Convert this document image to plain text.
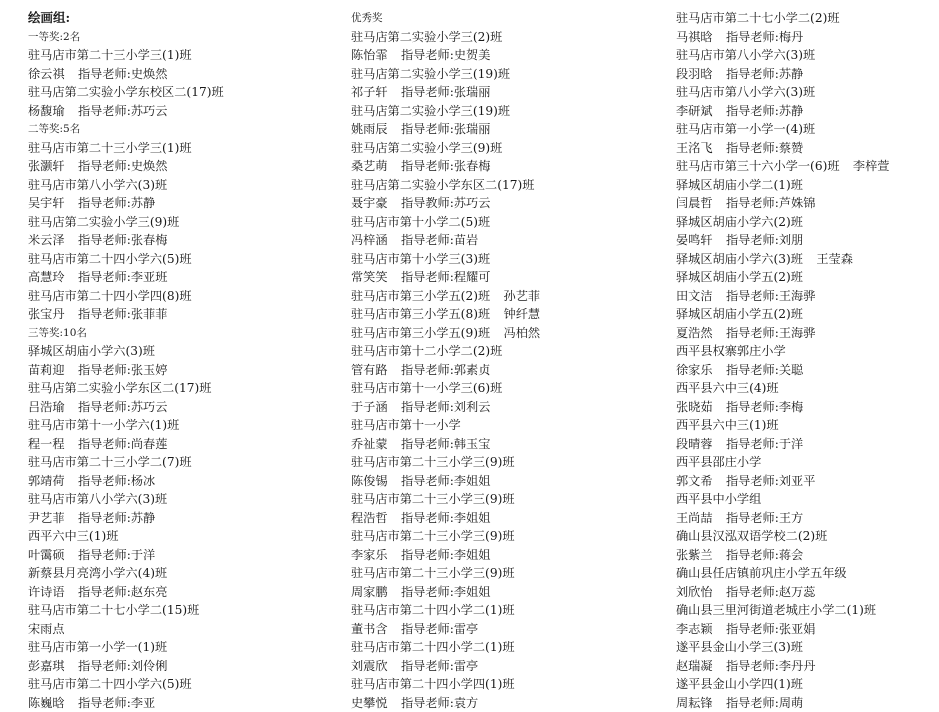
绘画组:
一等奖:2名
驻马店市第二十三小学三(1)班
徐云祺 指导老师:史焕然
驻马店第二实验小学东校区二(17)班
杨馥瑜 指导老师:苏巧云
二等奖:5名
驻马店市第二十三小学三(1)班
张灏轩 指导老师:史焕然
驻马店市第八小学六(3)班
吴宇轩 指导老师:苏静
驻马店第二实验小学三(9)班
米云泽 指导老师:张春梅
驻马店市第二十四小学六(5)班
高慧玲 指导老师:李亚班
驻马店市第二十四小学四(8)班
张宝丹 指导老师:张菲菲
三等奖:10名
驿城区胡庙小学六(3)班
苗莉迎 指导老师:张玉婷
驻马店第二实验小学东区二(17)班
吕浩瑜 指导老师:苏巧云
驻马店市第十一小学六(1)班
程一程 指导老师:尚春莲
驻马店市第二十三小学二(7)班
郭靖荷 指导老师:杨冰
驻马店市第八小学六(3)班
尹艺菲 指导老师:苏静
西平六中三(1)班
叶霭硕 指导老师:于洋
新蔡县月亮湾小学六(4)班
许诗语 指导老师:赵东亮
驻马店市第二十七小学二(15)班
宋雨点
驻马店市第一小学一(1)班
彭嘉琪 指导老师:刘伶俐
驻马店市第二十四小学六(5)班
陈巍晗 指导老师:李亚
优秀奖
驻马店第二实验小学三(2)班
陈怡霏 指导老师:史贺美
驻马店第二实验小学三(19)班
祁子轩 指导老师:张瑞丽
驻马店第二实验小学三(19)班
姚雨辰 指导老师:张瑞丽
驻马店第二实验小学三(9)班
桑艺萌 指导老师:张春梅
驻马店第二实验小学东区二(17)班
聂宇豪 指导教师:苏巧云
驻马店市第十小学二(5)班
冯梓涵 指导老师:苗岩
驻马店市第十小学三(3)班
常笑笑 指导老师:程耀可
驻马店市第三小学五(2)班 孙艺菲
驻马店市第三小学五(8)班 钟纤慧
驻马店市第三小学五(9)班 冯柏然
驻马店市第十二小学二(2)班
管有路 指导老师:郭素贞
驻马店市第十一小学三(6)班
于子涵 指导老师:刘利云
驻马店市第十一小学
乔祉蒙 指导老师:韩玉宝
驻马店市第二十三小学三(9)班
陈俊锡 指导老师:李姐姐
驻马店市第二十三小学三(9)班
程浩哲 指导老师:李姐姐
驻马店市第二十三小学三(9)班
李家乐 指导老师:李姐姐
驻马店市第二十三小学三(9)班
周家鹏 指导老师:李姐姐
驻马店市第二十四小学二(1)班
董书含 指导老师:雷亭
驻马店市第二十四小学二(1)班
刘震欣 指导老师:雷亭
驻马店市第二十四小学四(1)班
史攀悦 指导老师:袁方
驻马店市第二十七小学二(2)班
马祺晗 指导老师:梅丹
驻马店市第八小学六(3)班
段羽晗 指导老师:苏静
驻马店市第八小学六(3)班
李研斌 指导老师:苏静
驻马店市第一小学一(4)班
王洺飞 指导老师:蔡赞
驻马店市第三十六小学一(6)班 李梓萱
驿城区胡庙小学二(1)班
闫晨哲 指导老师:芦姝锦
驿城区胡庙小学六(2)班
晏鸣轩 指导老师:刘朋
驿城区胡庙小学六(3)班 王莹森
驿城区胡庙小学五(2)班
田文洁 指导老师:王海骅
驿城区胡庙小学五(2)班
夏浩然 指导老师:王海骅
西平县权寨郭庄小学
徐家乐 指导老师:关聪
西平县六中三(4)班
张晓茹 指导老师:李梅
西平县六中三(1)班
段晴蓉 指导老师:于洋
西平县邵庄小学
郭文希 指导老师:刘亚平
西平县中小学组
王尚喆 指导老师:王方
确山县汉泓双语学校二(2)班
张紫兰 指导老师:蒋会
确山县任店镇前巩庄小学五年级
刘欣怡 指导老师:赵万蕊
确山县三里河街道老城庄小学二(1)班
李志颖 指导老师:张亚娟
遂平县金山小学三(3)班
赵瑞凝 指导老师:李丹丹
遂平县金山小学四(1)班
周耘锋 指导老师:周萌
